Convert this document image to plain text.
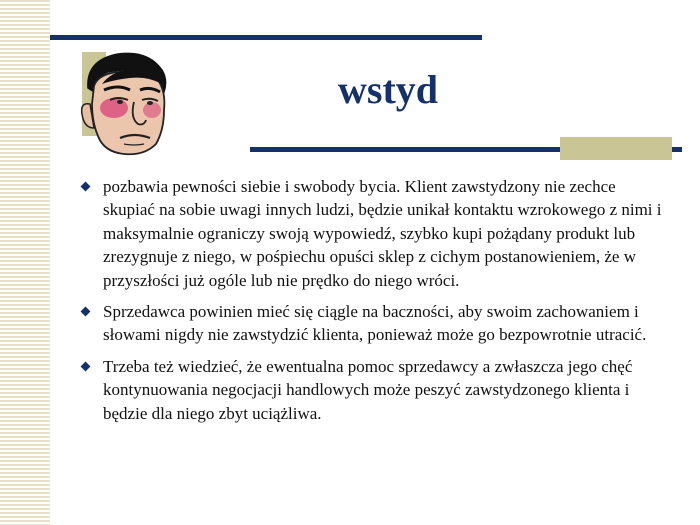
wstyd
pozbawia pewności siebie i swobody bycia. Klient zawstydzony nie zechce skupiać na sobie uwagi innych ludzi, będzie unikał kontaktu wzrokowego z nimi i maksymalnie ograniczy swoją wypowiedź, szybko kupi pożądany produkt lub zrezygnuje z niego, w pośpiechu opuści sklep z cichym postanowieniem, że w przyszłości już ogóle lub nie prędko do niego wróci.
Sprzedawca powinien mieć się ciągle na baczności, aby swoim zachowaniem i słowami nigdy nie zawstydzić klienta, ponieważ może go bezpowrotnie utracić.
Trzeba też wiedzieć, że ewentualna pomoc sprzedawcy a zwłaszcza jego chęć kontynuowania negocjacji handlowych może peszyć zawstydzonego klienta i będzie dla niego zbyt uciążliwa.
